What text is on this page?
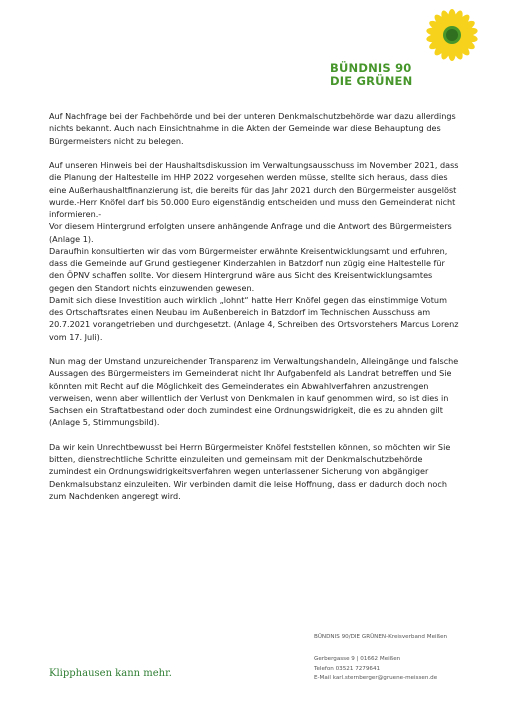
BÜNDNIS 90
DIE GRÜNEN

Auf Nachfrage bei der Fachbehörde und bei der unteren Denkmalschutzbehörde war dazu allerdings
nichts bekannt. Auch nach Einsichtnahme in die Akten der Gemeinde war diese Behauptung des
Bürgermeisters nicht zu belegen.

Auf unseren Hinweis bei der Haushaltsdiskussion im Verwaltungsausschuss im November 2021, dass
die Planung der Haltestelle im HHP 2022 vorgesehen werden müsse, stellte sich heraus, dass dies
eine Außerhaushaltfinanzierung ist, die bereits für das Jahr 2021 durch den Bürgermeister ausgelöst
wurde.-Herr Knöfel darf bis 50.000 Euro eigenständig entscheiden und muss den Gemeinderat nicht
informieren.-
Vor diesem Hintergrund erfolgten unsere anhängende Anfrage und die Antwort des Bürgermeisters
(Anlage 1).
Daraufhin konsultierten wir das vom Bürgermeister erwähnte Kreisentwicklungsamt und erfuhren,
dass die Gemeinde auf Grund gestiegener Kinderzahlen in Batzdorf nun zügig eine Haltestelle für
den ÖPNV schaffen sollte. Vor diesem Hintergrund wäre aus Sicht des Kreisentwicklungsamtes
gegen den Standort nichts einzuwenden gewesen.
Damit sich diese Investition auch wirklich „lohnt“ hatte Herr Knöfel gegen das einstimmige Votum
des Ortschaftsrates einen Neubau im Außenbereich in Batzdorf im Technischen Ausschuss am
20.7.2021 vorangetrieben und durchgesetzt. (Anlage 4, Schreiben des Ortsvorstehers Marcus Lorenz
vom 17. Juli).

Nun mag der Umstand unzureichender Transparenz im Verwaltungshandeln, Alleingänge und falsche
Aussagen des Bürgermeisters im Gemeinderat nicht Ihr Aufgabenfeld als Landrat betreffen und Sie
könnten mit Recht auf die Möglichkeit des Gemeinderates ein Abwahlverfahren anzustrengen
verweisen, wenn aber willentlich der Verlust von Denkmalen in kauf genommen wird, so ist dies in
Sachsen ein Straftatbestand oder doch zumindest eine Ordnungswidrigkeit, die es zu ahnden gilt
(Anlage 5, Stimmungsbild).

Da wir kein Unrechtbewusst bei Herrn Bürgermeister Knöfel feststellen können, so möchten wir Sie
bitten, dienstrechtliche Schritte einzuleiten und gemeinsam mit der Denkmalschutzbehörde
zumindest ein Ordnungswidrigkeitsverfahren wegen unterlassener Sicherung von abgängiger
Denkmalsubstanz einzuleiten. Wir verbinden damit die leise Hoffnung, dass er dadurch doch noch
zum Nachdenken angeregt wird.

BÜNDNIS 90/DIE GRÜNEN-Kreisverband Meißen
Gerbergasse 9 | 01662 Meißen
Telefon 03521 7279641
E-Mail karl.sternberger@gruene-meissen.de
Klipphausen kann mehr.
